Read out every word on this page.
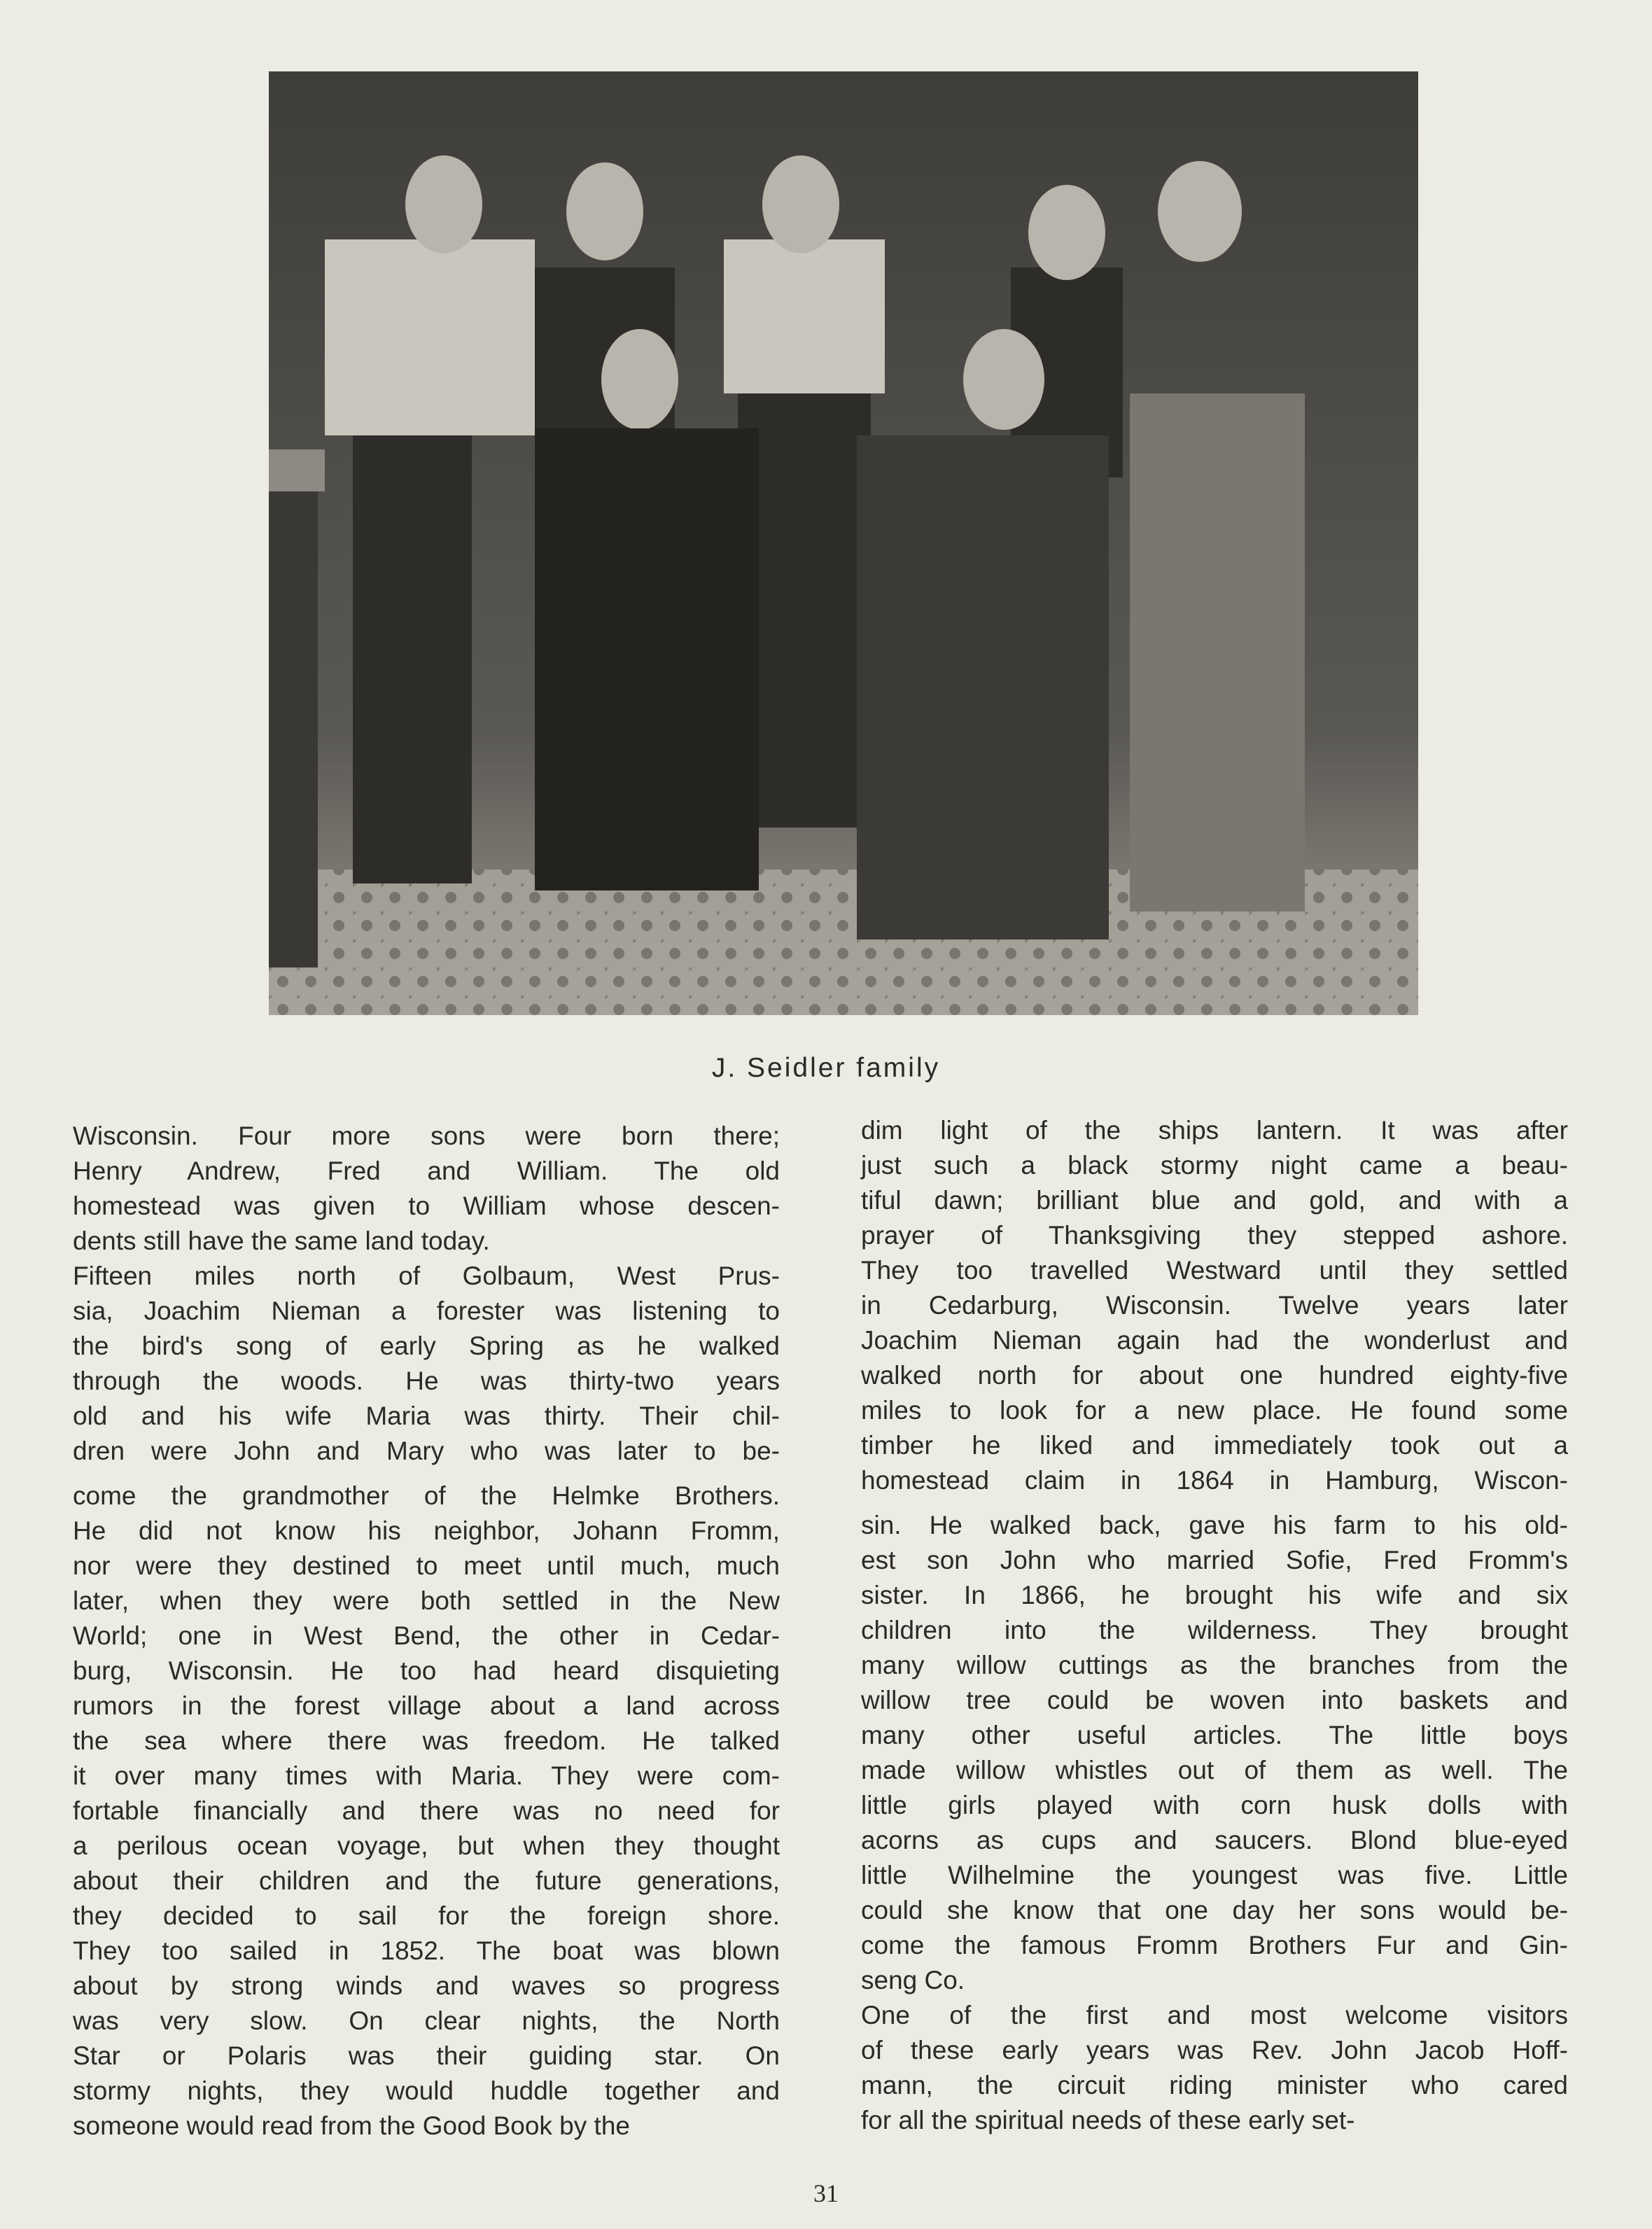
J. Seidler family
Wisconsin. Four more sons were born there;
Henry Andrew, Fred and William. The old
homestead was given to William whose descen-
dents still have the same land today.
Fifteen miles north of Golbaum, West Prus-
sia, Joachim Nieman a forester was listening to
the bird's song of early Spring as he walked
through the woods. He was thirty-two years
old and his wife Maria was thirty. Their chil-
dren were John and Mary who was later to be-
come the grandmother of the Helmke Brothers.
He did not know his neighbor, Johann Fromm,
nor were they destined to meet until much, much
later, when they were both settled in the New
World; one in West Bend, the other in Cedar-
burg, Wisconsin. He too had heard disquieting
rumors in the forest village about a land across
the sea where there was freedom. He talked
it over many times with Maria. They were com-
fortable financially and there was no need for
a perilous ocean voyage, but when they thought
about their children and the future generations,
they decided to sail for the foreign shore.
They too sailed in 1852. The boat was blown
about by strong winds and waves so progress
was very slow. On clear nights, the North
Star or Polaris was their guiding star. On
stormy nights, they would huddle together and
someone would read from the Good Book by the
dim light of the ships lantern. It was after
just such a black stormy night came a beau-
tiful dawn; brilliant blue and gold, and with a
prayer of Thanksgiving they stepped ashore.
They too travelled Westward until they settled
in Cedarburg, Wisconsin. Twelve years later
Joachim Nieman again had the wonderlust and
walked north for about one hundred eighty-five
miles to look for a new place. He found some
timber he liked and immediately took out a
homestead claim in 1864 in Hamburg, Wiscon-
sin. He walked back, gave his farm to his old-
est son John who married Sofie, Fred Fromm's
sister. In 1866, he brought his wife and six
children into the wilderness. They brought
many willow cuttings as the branches from the
willow tree could be woven into baskets and
many other useful articles. The little boys
made willow whistles out of them as well. The
little girls played with corn husk dolls with
acorns as cups and saucers. Blond blue-eyed
little Wilhelmine the youngest was five. Little
could she know that one day her sons would be-
come the famous Fromm Brothers Fur and Gin-
seng Co.
One of the first and most welcome visitors
of these early years was Rev. John Jacob Hoff-
mann, the circuit riding minister who cared
for all the spiritual needs of these early set-
31
